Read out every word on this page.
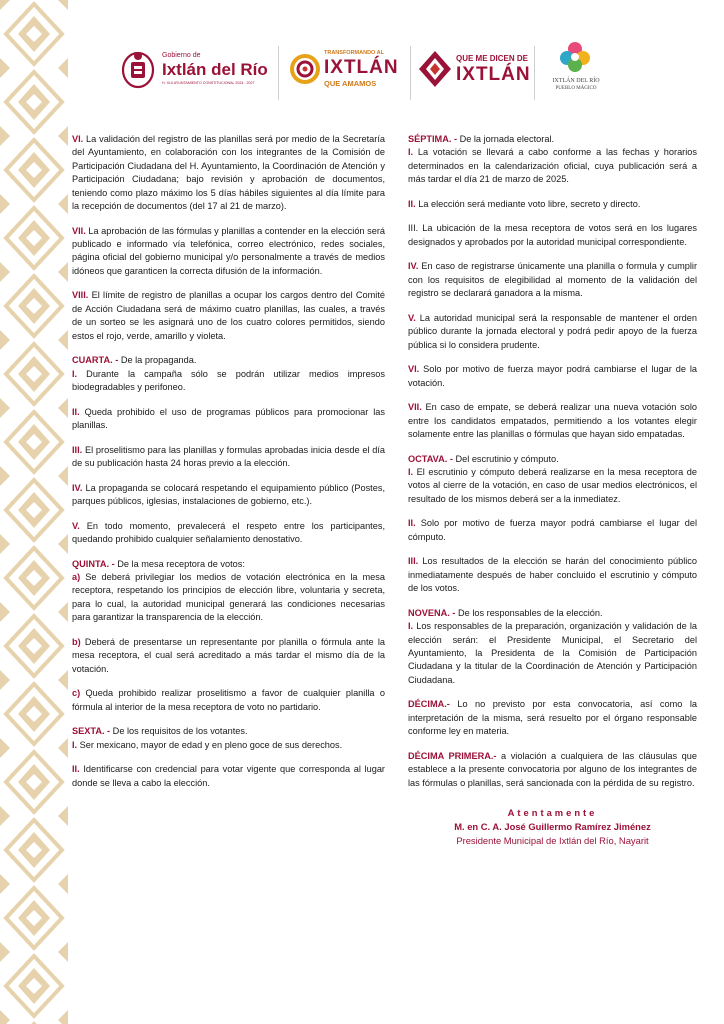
Gobierno de
Ixtlán del Río
H. XLII AYUNTAMIENTO CONSTITUCIONAL 2024 - 2027
TRANSFORMANDO AL
IXTLÁN
QUE AMAMOS
QUE ME DICEN DE
IXTLÁN	IXTLÁN DEL RÍO
PUEBLO MÁGICO

VI. La validación del registro de las planillas será por medio de la Secretaría del Ayuntamiento, en colaboración con los integrantes de la Comisión de Participación Ciudadana del H. Ayuntamiento, la Coordinación de Atención y Participación Ciudadana; bajo revisión y aprobación de documentos, teniendo como plazo máximo los 5 días hábiles siguientes al día límite para la recepción de documentos (del 17 al 21 de marzo).

VII. La aprobación de las fórmulas y planillas a contender en la elección será publicado e informado vía telefónica, correo electrónico, redes sociales, página oficial del gobierno municipal y/o personalmente a través de medios idóneos que garanticen la correcta difusión de la información.

VIII. El límite de registro de planillas a ocupar los cargos dentro del Comité de Acción Ciudadana será de máximo cuatro planillas, las cuales, a través de un sorteo se les asignará uno de los cuatro colores permitidos, siendo estos el rojo, verde, amarillo y violeta.

CUARTA. - De la propaganda.
I. Durante la campaña sólo se podrán utilizar medios impresos biodegradables y perifoneo.

II. Queda prohibido el uso de programas públicos para promocionar las planillas.

III. El proselitismo para las planillas y formulas aprobadas inicia desde el día de su publicación hasta 24 horas previo a la elección.

IV. La propaganda se colocará respetando el equipamiento público (Postes, parques públicos, iglesias, instalaciones de gobierno, etc.).

V. En todo momento, prevalecerá el respeto entre los participantes, quedando prohibido cualquier señalamiento denostativo.

QUINTA. - De la mesa receptora de votos:
a) Se deberá privilegiar los medios de votación electrónica en la mesa receptora, respetando los principios de elección libre, voluntaria y secreta, para lo cual, la autoridad municipal generará las condiciones necesarias para garantizar la transparencia de la elección.

b) Deberá de presentarse un representante por planilla o fórmula ante la mesa receptora, el cual será acreditado a más tardar el mismo día de la votación.

c) Queda prohibido realizar proselitismo a favor de cualquier planilla o fórmula al interior de la mesa receptora de voto no partidario.

SEXTA. - De los requisitos de los votantes.
I. Ser mexicano, mayor de edad y en pleno goce de sus derechos.

II. Identificarse con credencial para votar vigente que corresponda al lugar donde se lleva a cabo la elección.

SÉPTIMA. - De la jornada electoral.
I. La votación se llevará a cabo conforme a las fechas y horarios determinados en la calendarización oficial, cuya publicación será a más tardar el día 21 de marzo de 2025.

II. La elección será mediante voto libre, secreto y directo.

III. La ubicación de la mesa receptora de votos será en los lugares designados y aprobados por la autoridad municipal correspondiente.

IV. En caso de registrarse únicamente una planilla o formula y cumplir con los requisitos de elegibilidad al momento de la validación del registro se declarará ganadora a la misma.

V. La autoridad municipal será la responsable de mantener el orden público durante la jornada electoral y podrá pedir apoyo de la fuerza pública si lo considera prudente.

VI. Solo por motivo de fuerza mayor podrá cambiarse el lugar de la votación.

VII. En caso de empate, se deberá realizar una nueva votación solo entre los candidatos empatados, permitiendo a los votantes elegir solamente entre las planillas o fórmulas que hayan sido empatadas.

OCTAVA. - Del escrutinio y cómputo.
I. El escrutinio y cómputo deberá realizarse en la mesa receptora de votos al cierre de la votación, en caso de usar medios electrónicos, el resultado de los mismos deberá ser a la inmediatez.

II. Solo por motivo de fuerza mayor podrá cambiarse el lugar del cómputo.

III. Los resultados de la elección se harán del conocimiento público inmediatamente después de haber concluido el escrutinio y cómputo de los votos.

NOVENA. - De los responsables de la elección.
I. Los responsables de la preparación, organización y validación de la elección serán: el Presidente Municipal, el Secretario del Ayuntamiento, la Presidenta de la Comisión de Participación Ciudadana y la titular de la Coordinación de Atención y Participación Ciudadana.

DÉCIMA.- Lo no previsto por esta convocatoria, así como la interpretación de la misma, será resuelto por el órgano responsable conforme ley en materia.

DÉCIMA PRIMERA.- a violación a cualquiera de las cláusulas que establece a la presente convocatoria por alguno de los integrantes de las fórmulas o planillas, será sancionada con la pérdida de su registro.

Atentamente
M. en C. A. José Guillermo Ramírez Jiménez
Presidente Municipal de Ixtlán del Río, Nayarit
